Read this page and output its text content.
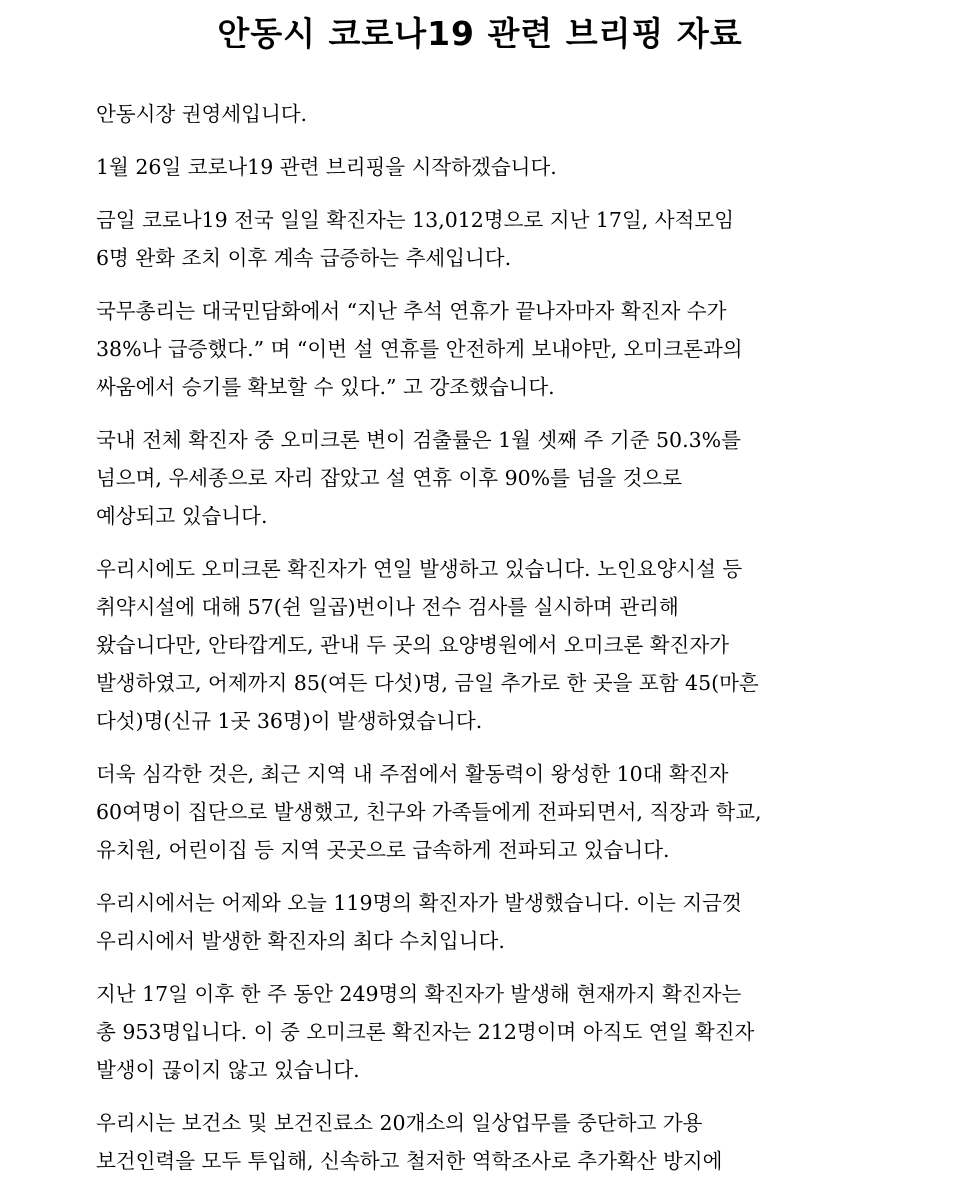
안동시 코로나19 관련 브리핑 자료

안동시장 권영세입니다.

1월 26일 코로나19 관련 브리핑을 시작하겠습니다.

금일 코로나19 전국 일일 확진자는 13,012명으로 지난 17일, 사적모임
6명 완화 조치 이후 계속 급증하는 추세입니다.

국무총리는 대국민담화에서 “지난 추석 연휴가 끝나자마자 확진자 수가
38%나 급증했다.” 며 “이번 설 연휴를 안전하게 보내야만, 오미크론과의
싸움에서 승기를 확보할 수 있다.” 고 강조했습니다.

국내 전체 확진자 중 오미크론 변이 검출률은 1월 셋째 주 기준 50.3%를
넘으며, 우세종으로 자리 잡았고 설 연휴 이후 90%를 넘을 것으로
예상되고 있습니다.

우리시에도 오미크론 확진자가 연일 발생하고 있습니다. 노인요양시설 등
취약시설에 대해 57(쉰 일곱)번이나 전수 검사를 실시하며 관리해
왔습니다만, 안타깝게도, 관내 두 곳의 요양병원에서 오미크론 확진자가
발생하였고, 어제까지 85(여든 다섯)명, 금일 추가로 한 곳을 포함 45(마흔
다섯)명(신규 1곳 36명)이 발생하였습니다.

더욱 심각한 것은, 최근 지역 내 주점에서 활동력이 왕성한 10대 확진자
60여명이 집단으로 발생했고, 친구와 가족들에게 전파되면서, 직장과 학교,
유치원, 어린이집 등 지역 곳곳으로 급속하게 전파되고 있습니다.

우리시에서는 어제와 오늘 119명의 확진자가 발생했습니다. 이는 지금껏
우리시에서 발생한 확진자의 최다 수치입니다.

지난 17일 이후 한 주 동안 249명의 확진자가 발생해 현재까지 확진자는
총 953명입니다. 이 중 오미크론 확진자는 212명이며 아직도 연일 확진자
발생이 끊이지 않고 있습니다.

우리시는 보건소 및 보건진료소 20개소의 일상업무를 중단하고 가용
보건인력을 모두 투입해, 신속하고 철저한 역학조사로 추가확산 방지에
